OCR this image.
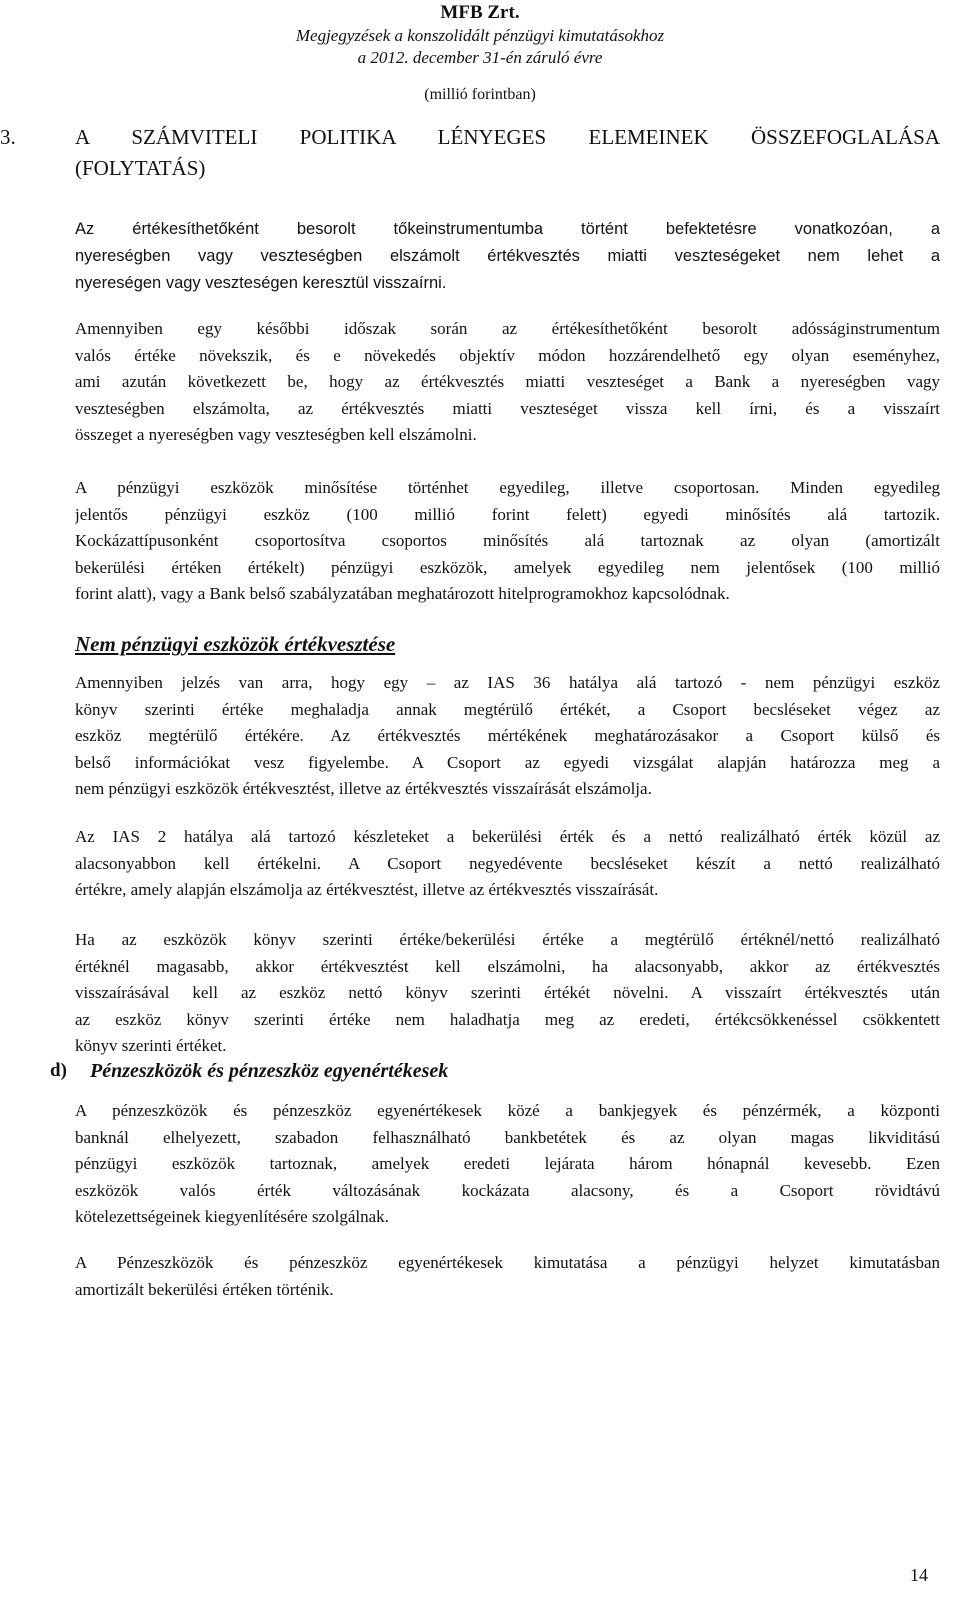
MFB Zrt.
Megjegyzések a konszolidált pénzügyi kimutatásokhoz
a 2012. december 31-én záruló évre
(millió forintban)
3.	A SZÁMVITELI POLITIKA LÉNYEGES ELEMEINEK ÖSSZEFOGLALÁSA
(FOLYTATÁS)
Az értékesíthetőként besorolt tőkeinstrumentumba történt befektetésre vonatkozóan, a
nyereségben vagy veszteségben elszámolt értékvesztés miatti veszteségeket nem lehet a
nyereségen vagy veszteségen keresztül visszaírni.
Amennyiben egy későbbi időszak során az értékesíthetőként besorolt adósságinstrumentum
valós értéke növekszik, és e növekedés objektív módon hozzárendelhető egy olyan eseményhez,
ami azután következett be, hogy az értékvesztés miatti veszteséget a Bank a nyereségben vagy
veszteségben elszámolta, az értékvesztés miatti veszteséget vissza kell írni, és a visszaírt
összeget a nyereségben vagy veszteségben kell elszámolni.
A pénzügyi eszközök minősítése történhet egyedileg, illetve csoportosan. Minden egyedileg
jelentős pénzügyi eszköz (100 millió forint felett) egyedi minősítés alá tartozik.
Kockázattípusonként csoportosítva csoportos minősítés alá tartoznak az olyan (amortizált
bekerülési értéken értékelt) pénzügyi eszközök, amelyek egyedileg nem jelentősek (100 millió
forint alatt), vagy a Bank belső szabályzatában meghatározott hitelprogramokhoz kapcsolódnak.
Nem pénzügyi eszközök értékvesztése
Amennyiben jelzés van arra, hogy egy – az IAS 36 hatálya alá tartozó - nem pénzügyi eszköz
könyv szerinti értéke meghaladja annak megtérülő értékét, a Csoport becsléseket végez az
eszköz megtérülő értékére. Az értékvesztés mértékének meghatározásakor a Csoport külső és
belső információkat vesz figyelembe. A Csoport az egyedi vizsgálat alapján határozza meg a
nem pénzügyi eszközök értékvesztést, illetve az értékvesztés visszaírását elszámolja.
Az IAS 2 hatálya alá tartozó készleteket a bekerülési érték és a nettó realizálható érték közül az
alacsonyabbon kell értékelni. A Csoport negyedévente becsléseket készít a nettó realizálható
értékre, amely alapján elszámolja az értékvesztést, illetve az értékvesztés visszaírását.
Ha az eszközök könyv szerinti értéke/bekerülési értéke a megtérülő értéknél/nettó realizálható
értéknél magasabb, akkor értékvesztést kell elszámolni, ha alacsonyabb, akkor az értékvesztés
visszaírásával kell az eszköz nettó könyv szerinti értékét növelni. A visszaírt értékvesztés után
az eszköz könyv szerinti értéke nem haladhatja meg az eredeti, értékcsökkenéssel csökkentett
könyv szerinti értéket.
d) Pénzeszközök és pénzeszköz egyenértékesek
A pénzeszközök és pénzeszköz egyenértékesek közé a bankjegyek és pénzérmék, a központi
banknál elhelyezett, szabadon felhasználható bankbetétek és az olyan magas likviditású
pénzügyi eszközök tartoznak, amelyek eredeti lejárata három hónapnál kevesebb. Ezen
eszközök valós érték változásának kockázata alacsony, és a Csoport rövidtávú
kötelezettségeinek kiegyenlítésére szolgálnak.
A Pénzeszközök és pénzeszköz egyenértékesek kimutatása a pénzügyi helyzet kimutatásban
amortizált bekerülési értéken történik.
14
